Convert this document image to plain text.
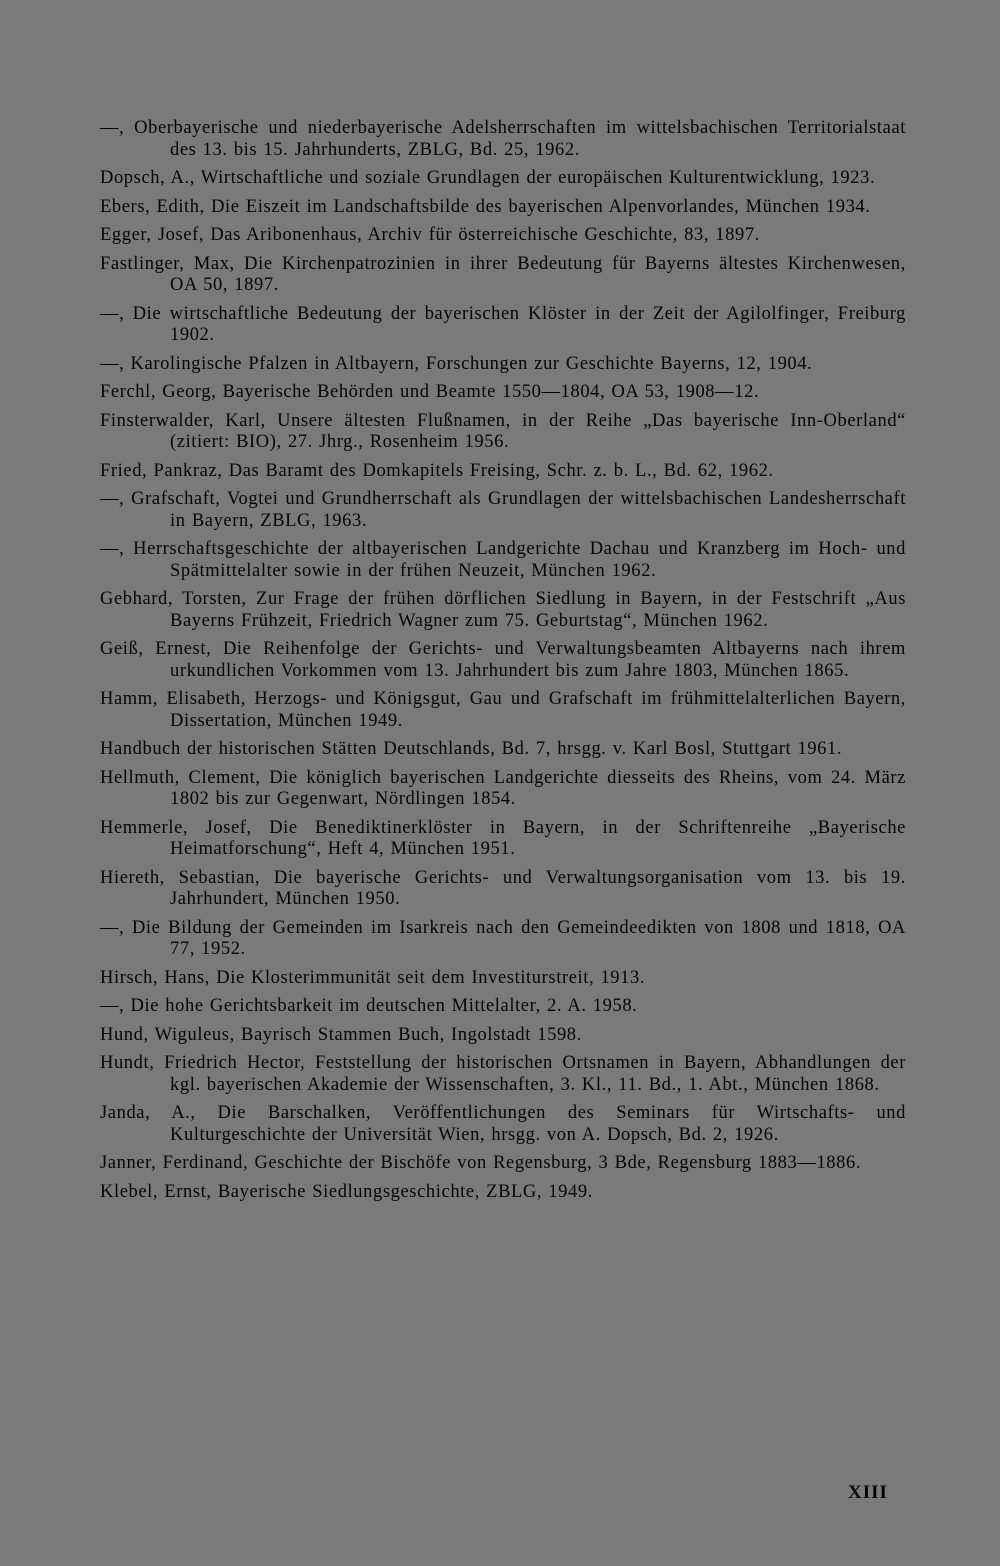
—, Oberbayerische und niederbayerische Adelsherrschaften im wittelsbachischen Territorialstaat des 13. bis 15. Jahrhunderts, ZBLG, Bd. 25, 1962.
Dopsch, A., Wirtschaftliche und soziale Grundlagen der europäischen Kulturentwicklung, 1923.
Ebers, Edith, Die Eiszeit im Landschaftsbilde des bayerischen Alpenvorlandes, München 1934.
Egger, Josef, Das Aribonenhaus, Archiv für österreichische Geschichte, 83, 1897.
Fastlinger, Max, Die Kirchenpatrozinien in ihrer Bedeutung für Bayerns ältestes Kirchenwesen, OA 50, 1897.
—, Die wirtschaftliche Bedeutung der bayerischen Klöster in der Zeit der Agilolfinger, Freiburg 1902.
—, Karolingische Pfalzen in Altbayern, Forschungen zur Geschichte Bayerns, 12, 1904.
Ferchl, Georg, Bayerische Behörden und Beamte 1550—1804, OA 53, 1908—12.
Finsterwalder, Karl, Unsere ältesten Flußnamen, in der Reihe „Das bayerische Inn-Oberland“ (zitiert: BIO), 27. Jhrg., Rosenheim 1956.
Fried, Pankraz, Das Baramt des Domkapitels Freising, Schr. z. b. L., Bd. 62, 1962.
—, Grafschaft, Vogtei und Grundherrschaft als Grundlagen der wittelsbachischen Landesherrschaft in Bayern, ZBLG, 1963.
—, Herrschaftsgeschichte der altbayerischen Landgerichte Dachau und Kranzberg im Hoch- und Spätmittelalter sowie in der frühen Neuzeit, München 1962.
Gebhard, Torsten, Zur Frage der frühen dörflichen Siedlung in Bayern, in der Festschrift „Aus Bayerns Frühzeit, Friedrich Wagner zum 75. Geburtstag“, München 1962.
Geiß, Ernest, Die Reihenfolge der Gerichts- und Verwaltungsbeamten Altbayerns nach ihrem urkundlichen Vorkommen vom 13. Jahrhundert bis zum Jahre 1803, München 1865.
Hamm, Elisabeth, Herzogs- und Königsgut, Gau und Grafschaft im frühmittelalterlichen Bayern, Dissertation, München 1949.
Handbuch der historischen Stätten Deutschlands, Bd. 7, hrsgg. v. Karl Bosl, Stuttgart 1961.
Hellmuth, Clement, Die königlich bayerischen Landgerichte diesseits des Rheins, vom 24. März 1802 bis zur Gegenwart, Nördlingen 1854.
Hemmerle, Josef, Die Benediktinerklöster in Bayern, in der Schriftenreihe „Bayerische Heimatforschung“, Heft 4, München 1951.
Hiereth, Sebastian, Die bayerische Gerichts- und Verwaltungsorganisation vom 13. bis 19. Jahrhundert, München 1950.
—, Die Bildung der Gemeinden im Isarkreis nach den Gemeindeedikten von 1808 und 1818, OA 77, 1952.
Hirsch, Hans, Die Klosterimmunität seit dem Investiturstreit, 1913.
—, Die hohe Gerichtsbarkeit im deutschen Mittelalter, 2. A. 1958.
Hund, Wiguleus, Bayrisch Stammen Buch, Ingolstadt 1598.
Hundt, Friedrich Hector, Feststellung der historischen Ortsnamen in Bayern, Abhandlungen der kgl. bayerischen Akademie der Wissenschaften, 3. Kl., 11. Bd., 1. Abt., München 1868.
Janda, A., Die Barschalken, Veröffentlichungen des Seminars für Wirtschafts- und Kulturgeschichte der Universität Wien, hrsgg. von A. Dopsch, Bd. 2, 1926.
Janner, Ferdinand, Geschichte der Bischöfe von Regensburg, 3 Bde, Regensburg 1883—1886.
Klebel, Ernst, Bayerische Siedlungsgeschichte, ZBLG, 1949.
XIII
